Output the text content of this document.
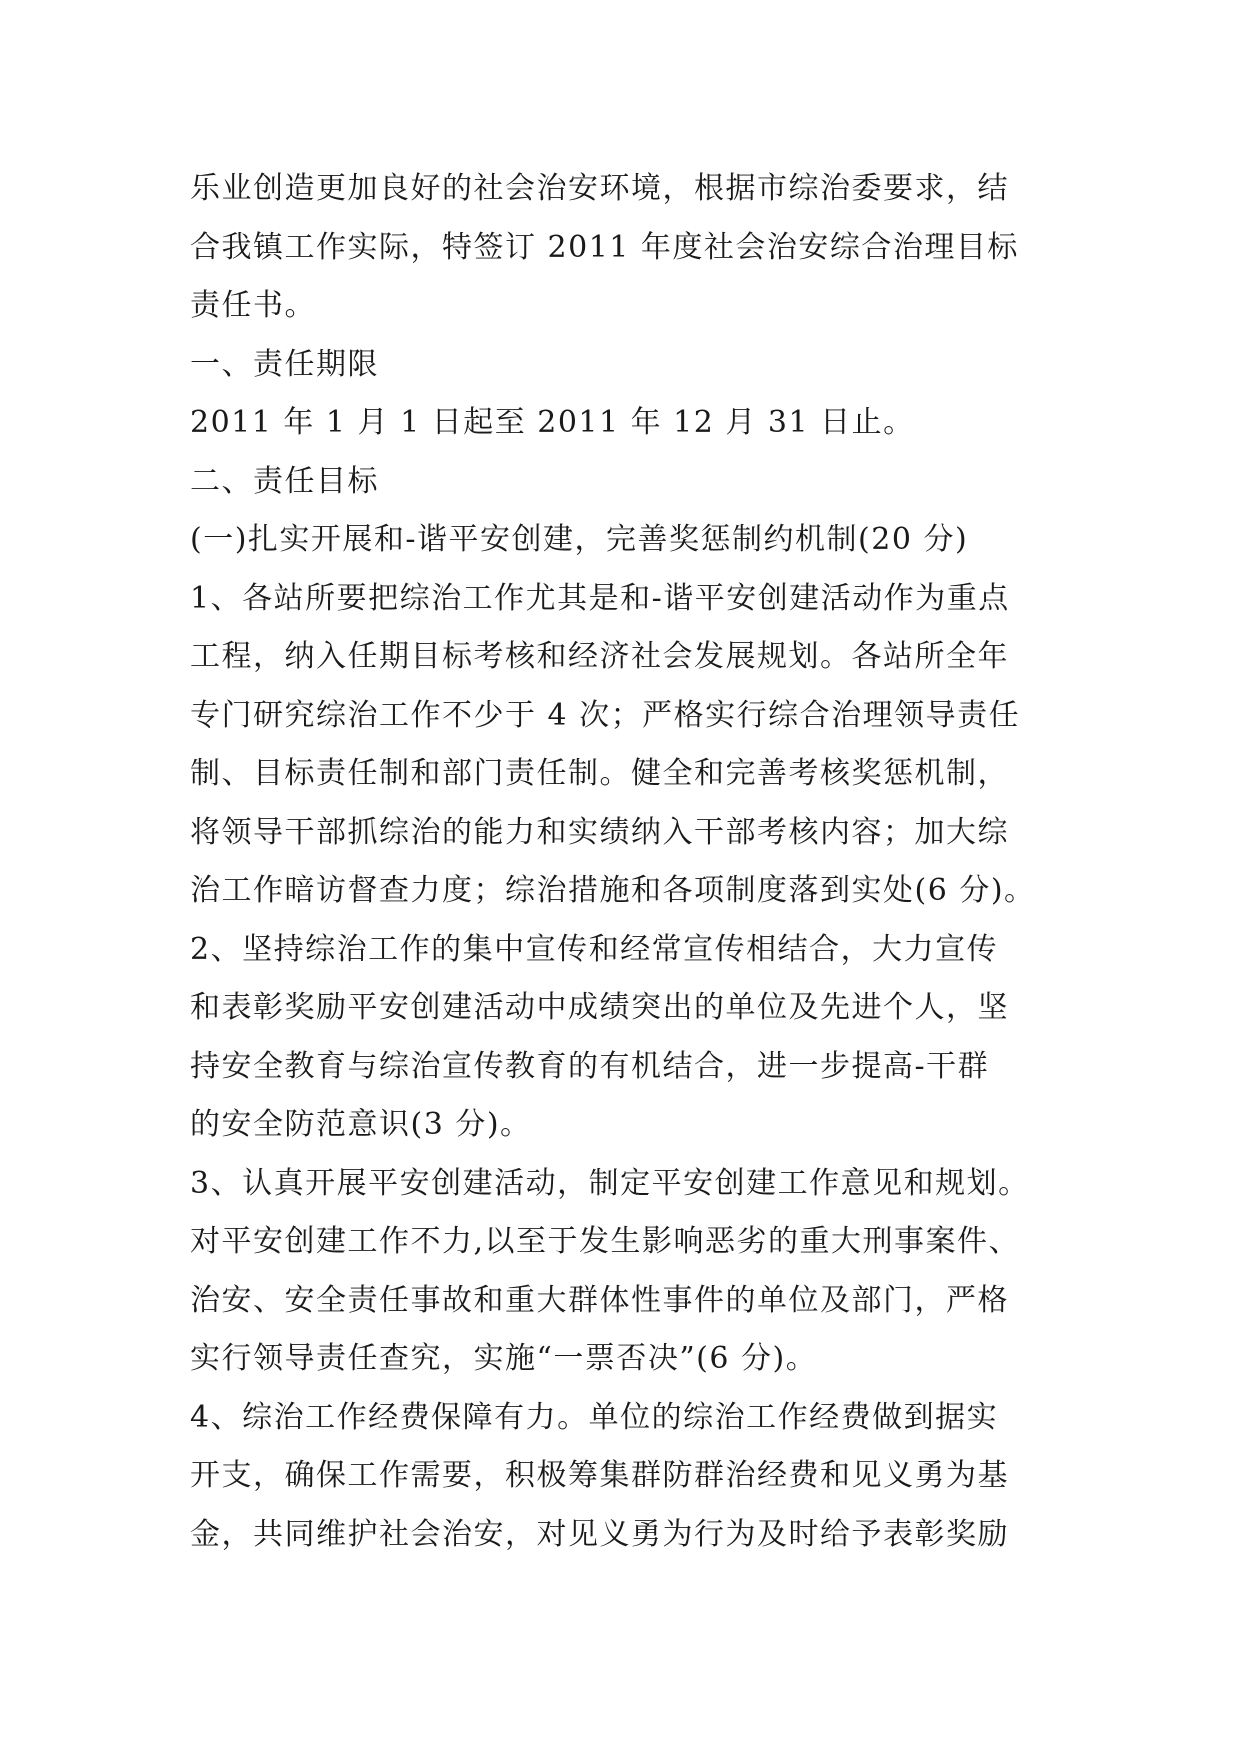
乐业创造更加良好的社会治安环境，根据市综治委要求，结
合我镇工作实际，特签订 2011 年度社会治安综合治理目标
责任书。
一、责任期限
2011 年 1 月 1 日起至 2011 年 12 月 31 日止。
二、责任目标
(一)扎实开展和-谐平安创建，完善奖惩制约机制(20 分)
1、各站所要把综治工作尤其是和-谐平安创建活动作为重点
工程，纳入任期目标考核和经济社会发展规划。各站所全年
专门研究综治工作不少于 4 次；严格实行综合治理领导责任
制、目标责任制和部门责任制。健全和完善考核奖惩机制，
将领导干部抓综治的能力和实绩纳入干部考核内容；加大综
治工作暗访督查力度；综治措施和各项制度落到实处(6 分)。
2、坚持综治工作的集中宣传和经常宣传相结合，大力宣传
和表彰奖励平安创建活动中成绩突出的单位及先进个人，坚
持安全教育与综治宣传教育的有机结合，进一步提高-干群
的安全防范意识(3 分)。
3、认真开展平安创建活动，制定平安创建工作意见和规划。
对平安创建工作不力,以至于发生影响恶劣的重大刑事案件、
治安、安全责任事故和重大群体性事件的单位及部门，严格
实行领导责任查究，实施“一票否决”(6 分)。
4、综治工作经费保障有力。单位的综治工作经费做到据实
开支，确保工作需要，积极筹集群防群治经费和见义勇为基
金，共同维护社会治安，对见义勇为行为及时给予表彰奖励
